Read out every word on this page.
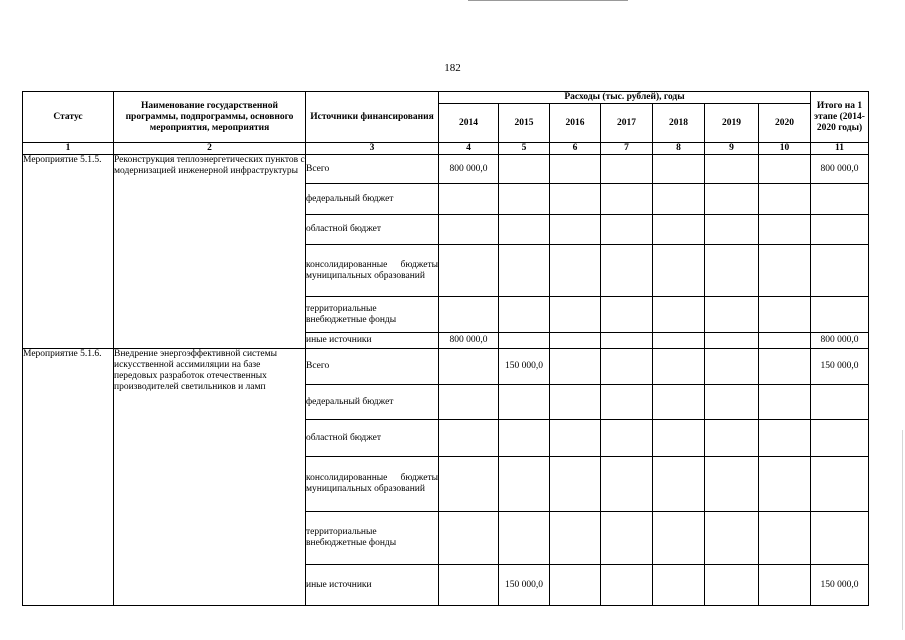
182
Статус	Наименование государственной программы, подпрограммы, основного мероприятия, мероприятия	Источники финансирования	Расходы (тыс. рублей), годы							Итого на 1 этапе (2014-2020 годы)
			2014	2015	2016	2017	2018	2019	2020	
1	2	3	4	5	6	7	8	9	10	11
Мероприятие 5.1.5.	Реконструкция теплоэнергетических пунктов с модернизацией инженерной инфраструктуры	Всего	800 000,0							800 000,0
		федеральный бюджет								
		областной бюджет								
		консолидированные бюджеты муниципальных образований								
		территориальные внебюджетные фонды								
		иные источники	800 000,0							800 000,0
Мероприятие 5.1.6.	Внедрение энергоэффективной системы искусственной ассимиляции на базе передовых разработок отечественных производителей светильников и ламп	Всего		150 000,0						150 000,0
		федеральный бюджет								
		областной бюджет								
		консолидированные бюджеты муниципальных образований								
		территориальные внебюджетные фонды								
		иные источники		150 000,0						150 000,0
